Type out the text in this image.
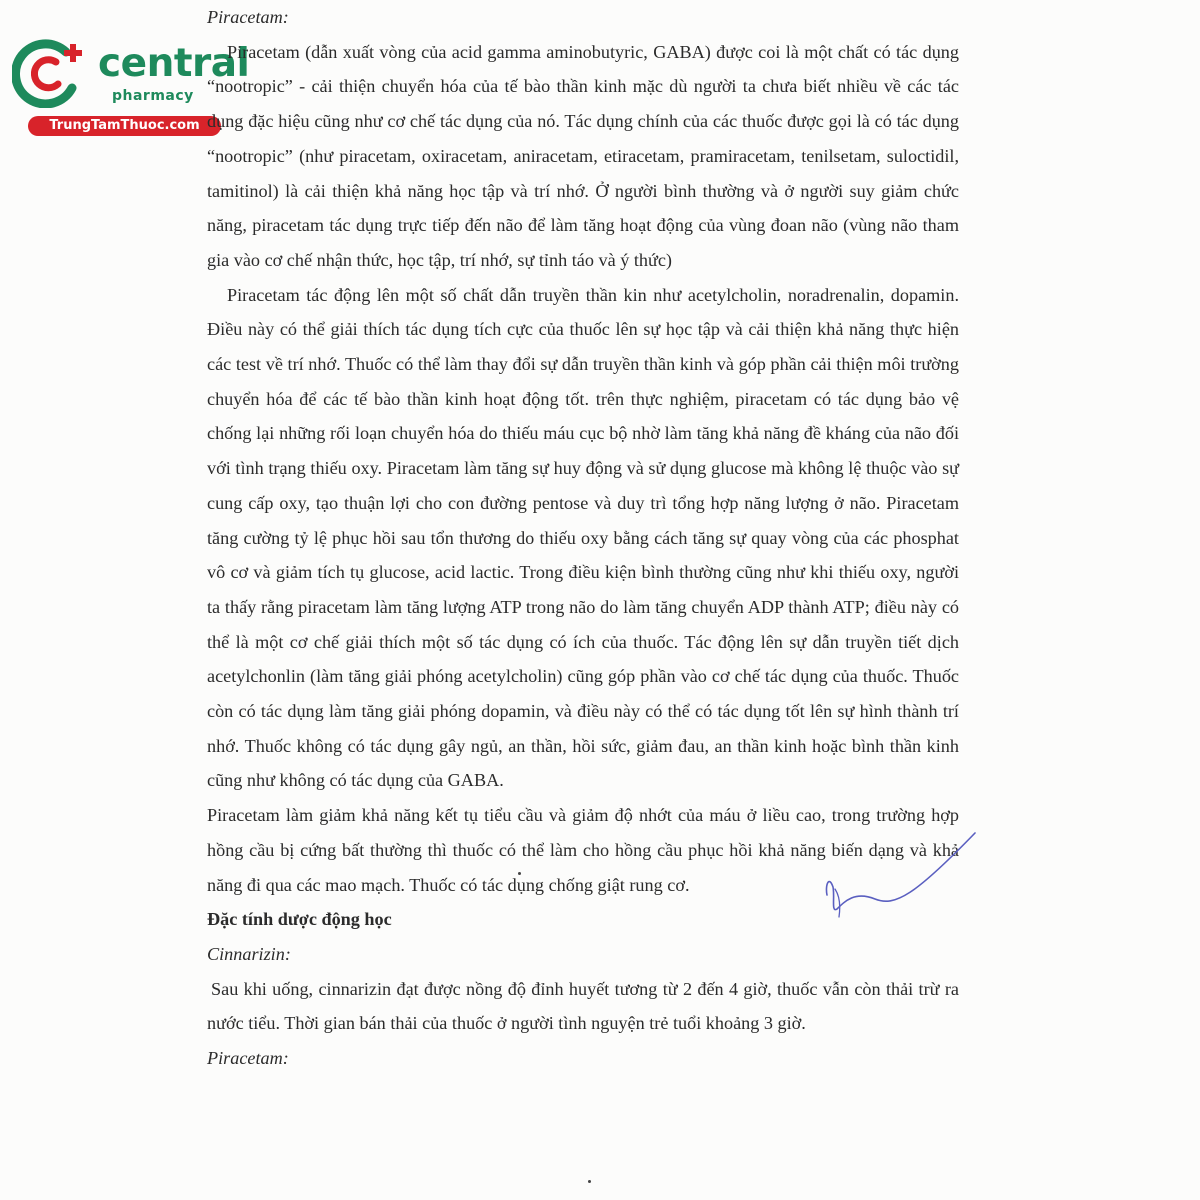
central
pharmacy
TrungTamThuoc.com

Piracetam:

Piracetam (dẫn xuất vòng của acid gamma aminobutyric, GABA) được coi là một chất có tác dụng “nootropic” - cải thiện chuyển hóa của tế bào thần kinh mặc dù người ta chưa biết nhiều về các tác dụng đặc hiệu cũng như cơ chế tác dụng của nó. Tác dụng chính của các thuốc được gọi là có tác dụng “nootropic” (như piracetam, oxiracetam, aniracetam, etiracetam, pramiracetam, tenilsetam, suloctidil, tamitinol) là cải thiện khả năng học tập và trí nhớ. Ở người bình thường và ở người suy giảm chức năng, piracetam tác dụng trực tiếp đến não để làm tăng hoạt động của vùng đoan não (vùng não tham gia vào cơ chế nhận thức, học tập, trí nhớ, sự tỉnh táo và ý thức)

Piracetam tác động lên một số chất dẫn truyền thần kin như acetylcholin, noradrenalin, dopamin. Điều này có thể giải thích tác dụng tích cực của thuốc lên sự học tập và cải thiện khả năng thực hiện các test về trí nhớ. Thuốc có thể làm thay đổi sự dẫn truyền thần kinh và góp phần cải thiện môi trường chuyển hóa để các tế bào thần kinh hoạt động tốt. trên thực nghiệm, piracetam có tác dụng bảo vệ chống lại những rối loạn chuyển hóa do thiếu máu cục bộ nhờ làm tăng khả năng đề kháng của não đối với tình trạng thiếu oxy. Piracetam làm tăng sự huy động và sử dụng glucose mà không lệ thuộc vào sự cung cấp oxy, tạo thuận lợi cho con đường pentose và duy trì tổng hợp năng lượng ở não. Piracetam tăng cường tỷ lệ phục hồi sau tổn thương do thiếu oxy bằng cách tăng sự quay vòng của các phosphat vô cơ và giảm tích tụ glucose, acid lactic. Trong điều kiện bình thường cũng như khi thiếu oxy, người ta thấy rằng piracetam làm tăng lượng ATP trong não do làm tăng chuyển ADP thành ATP; điều này có thể là một cơ chế giải thích một số tác dụng có ích của thuốc. Tác động lên sự dẫn truyền tiết dịch acetylchonlin (làm tăng giải phóng acetylcholin) cũng góp phần vào cơ chế tác dụng của thuốc. Thuốc còn có tác dụng làm tăng giải phóng dopamin, và điều này có thể có tác dụng tốt lên sự hình thành trí nhớ. Thuốc không có tác dụng gây ngủ, an thần, hồi sức, giảm đau, an thần kinh hoặc bình thần kinh cũng như không có tác dụng của GABA.

Piracetam làm giảm khả năng kết tụ tiểu cầu và giảm độ nhớt của máu ở liều cao, trong trường hợp hồng cầu bị cứng bất thường thì thuốc có thể làm cho hồng cầu phục hồi khả năng biến dạng và khả năng đi qua các mao mạch. Thuốc có tác dụng chống giật rung cơ.

Đặc tính dược động học

Cinnarizin:

Sau khi uống, cinnarizin đạt được nồng độ đỉnh huyết tương từ 2 đến 4 giờ, thuốc vẫn còn thải trừ ra nước tiểu. Thời gian bán thải của thuốc ở người tình nguyện trẻ tuổi khoảng 3 giờ.

Piracetam:
